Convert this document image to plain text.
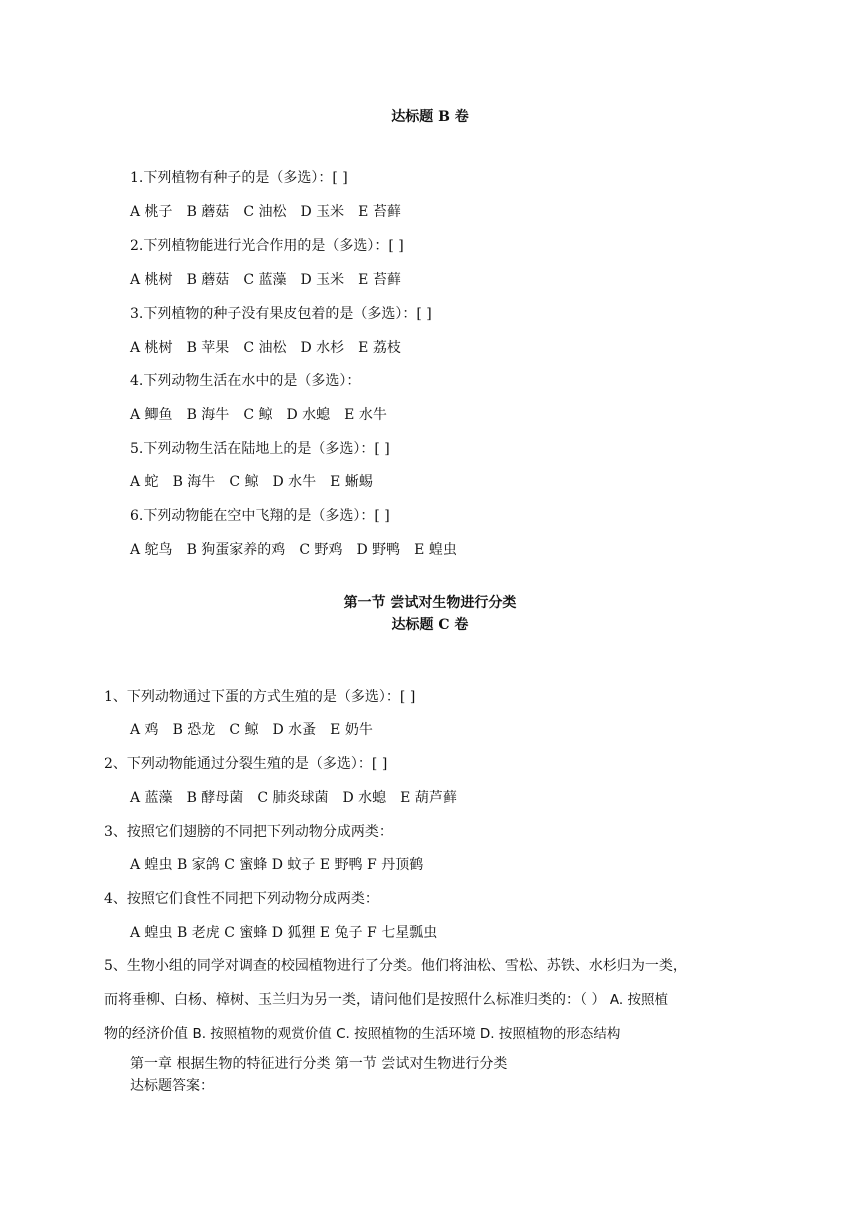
达标题 B 卷
1.下列植物有种子的是（多选）：[ ]
A 桃子 B 蘑菇 C 油松 D 玉米 E 苔藓
2.下列植物能进行光合作用的是（多选）：[ ]
A 桃树 B 蘑菇 C 蓝藻 D 玉米 E 苔藓
3.下列植物的种子没有果皮包着的是（多选）：[ ]
A 桃树 B 苹果 C 油松 D 水杉 E 荔枝
4.下列动物生活在水中的是（多选）：
A 鲫鱼 B 海牛 C 鲸 D 水螅 E 水牛
5.下列动物生活在陆地上的是（多选）：[ ]
A 蛇 B 海牛 C 鲸 D 水牛 E 蜥蜴
6.下列动物能在空中飞翔的是（多选）：[ ]
A 鸵鸟 B 狗蛋家养的鸡 C 野鸡 D 野鸭 E 蝗虫
第一节 尝试对生物进行分类
达标题 C 卷
1、下列动物通过下蛋的方式生殖的是（多选）：[ ]
A 鸡 B 恐龙 C 鲸 D 水蚤 E 奶牛
2、下列动物能通过分裂生殖的是（多选）：[ ]
A 蓝藻 B 酵母菌 C 肺炎球菌 D 水螅 E 葫芦藓
3、按照它们翅膀的不同把下列动物分成两类：
A 蝗虫 B 家鸽 C 蜜蜂 D 蚊子 E 野鸭 F 丹顶鹤
4、按照它们食性不同把下列动物分成两类：
A 蝗虫 B 老虎 C 蜜蜂 D 狐狸 E 兔子 F 七星瓢虫
5、生物小组的同学对调查的校园植物进行了分类。他们将油松、雪松、苏铁、水杉归为一类，
而将垂柳、白杨、樟树、玉兰归为另一类，请问他们是按照什么标准归类的：（ ） A. 按照植
物的经济价值 B. 按照植物的观赏价值 C. 按照植物的生活环境 D. 按照植物的形态结构
第一章 根据生物的特征进行分类 第一节 尝试对生物进行分类
达标题答案：
